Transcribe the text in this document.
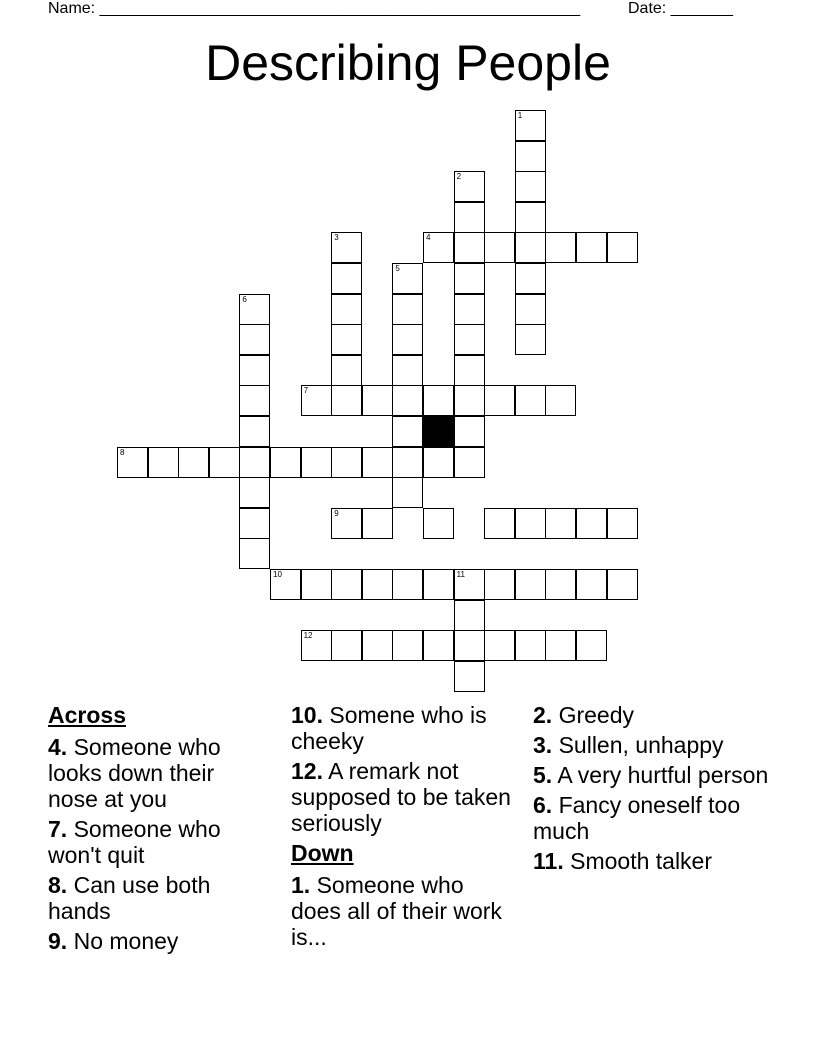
Name: ______________________________________________________	Date: _______
Describing People
1
2
3	4
5
6
7
8
9
10	11
12
Across
4. Someone who looks down their nose at you
7. Someone who won't quit
8. Can use both hands
9. No money
10. Somene who is cheeky
12. A remark not supposed to be taken seriously
Down
1. Someone who does all of their work is...
2. Greedy
3. Sullen, unhappy
5. A very hurtful person
6. Fancy oneself too much
11. Smooth talker
